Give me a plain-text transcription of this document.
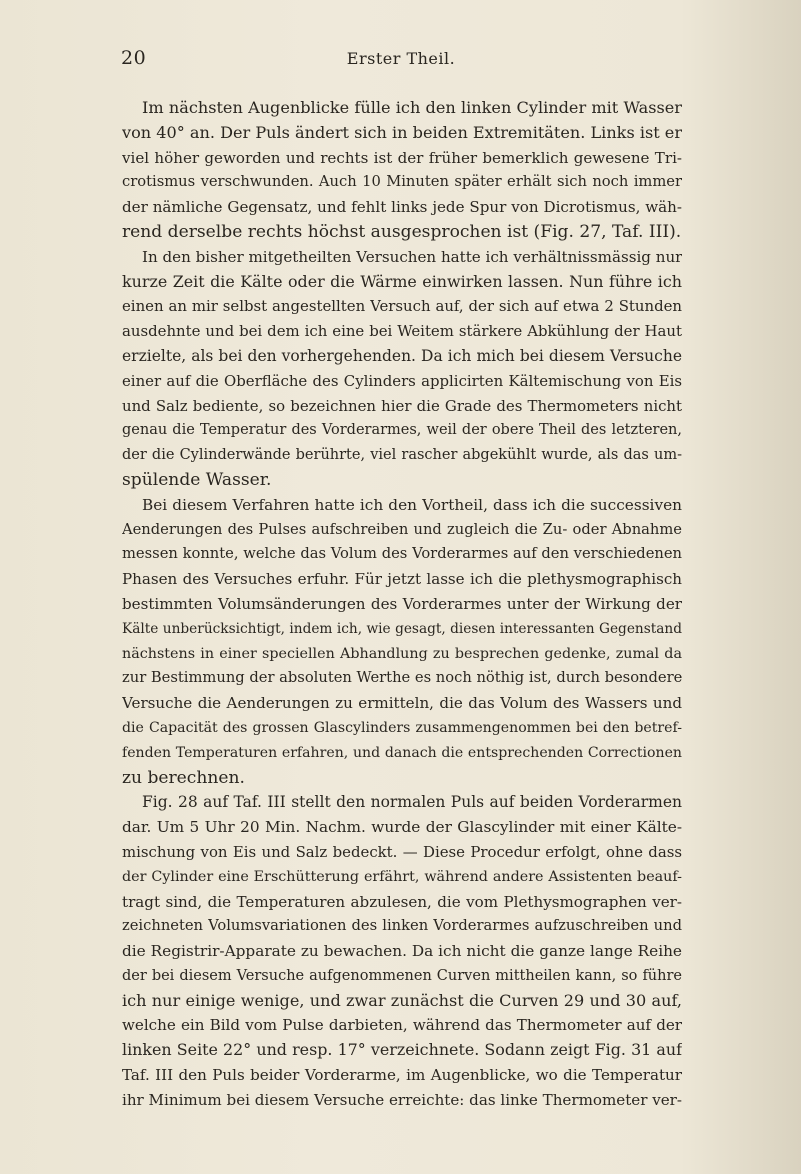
20	Erster Theil.
Im nächsten Augenblicke fülle ich den linken Cylinder mit Wasser
von 40° an. Der Puls ändert sich in beiden Extremitäten. Links ist er
viel höher geworden und rechts ist der früher bemerklich gewesene Tri-
crotismus verschwunden. Auch 10 Minuten später erhält sich noch immer
der nämliche Gegensatz, und fehlt links jede Spur von Dicrotismus, wäh-
rend derselbe rechts höchst ausgesprochen ist (Fig. 27, Taf. III).
In den bisher mitgetheilten Versuchen hatte ich verhältnissmässig nur
kurze Zeit die Kälte oder die Wärme einwirken lassen. Nun führe ich
einen an mir selbst angestellten Versuch auf, der sich auf etwa 2 Stunden
ausdehnte und bei dem ich eine bei Weitem stärkere Abkühlung der Haut
erzielte, als bei den vorhergehenden. Da ich mich bei diesem Versuche
einer auf die Oberfläche des Cylinders applicirten Kältemischung von Eis
und Salz bediente, so bezeichnen hier die Grade des Thermometers nicht
genau die Temperatur des Vorderarmes, weil der obere Theil des letzteren,
der die Cylinderwände berührte, viel rascher abgekühlt wurde, als das um-
spülende Wasser.
Bei diesem Verfahren hatte ich den Vortheil, dass ich die successiven
Aenderungen des Pulses aufschreiben und zugleich die Zu- oder Abnahme
messen konnte, welche das Volum des Vorderarmes auf den verschiedenen
Phasen des Versuches erfuhr. Für jetzt lasse ich die plethysmographisch
bestimmten Volumsänderungen des Vorderarmes unter der Wirkung der
Kälte unberücksichtigt, indem ich, wie gesagt, diesen interessanten Gegenstand
nächstens in einer speciellen Abhandlung zu besprechen gedenke, zumal da
zur Bestimmung der absoluten Werthe es noch nöthig ist, durch besondere
Versuche die Aenderungen zu ermitteln, die das Volum des Wassers und
die Capacität des grossen Glascylinders zusammengenommen bei den betref-
fenden Temperaturen erfahren, und danach die entsprechenden Correctionen
zu berechnen.
Fig. 28 auf Taf. III stellt den normalen Puls auf beiden Vorderarmen
dar. Um 5 Uhr 20 Min. Nachm. wurde der Glascylinder mit einer Kälte-
mischung von Eis und Salz bedeckt. — Diese Procedur erfolgt, ohne dass
der Cylinder eine Erschütterung erfährt, während andere Assistenten beauf-
tragt sind, die Temperaturen abzulesen, die vom Plethysmographen ver-
zeichneten Volumsvariationen des linken Vorderarmes aufzuschreiben und
die Registrir-Apparate zu bewachen. Da ich nicht die ganze lange Reihe
der bei diesem Versuche aufgenommenen Curven mittheilen kann, so führe
ich nur einige wenige, und zwar zunächst die Curven 29 und 30 auf,
welche ein Bild vom Pulse darbieten, während das Thermometer auf der
linken Seite 22° und resp. 17° verzeichnete. Sodann zeigt Fig. 31 auf
Taf. III den Puls beider Vorderarme, im Augenblicke, wo die Temperatur
ihr Minimum bei diesem Versuche erreichte: das linke Thermometer ver-
